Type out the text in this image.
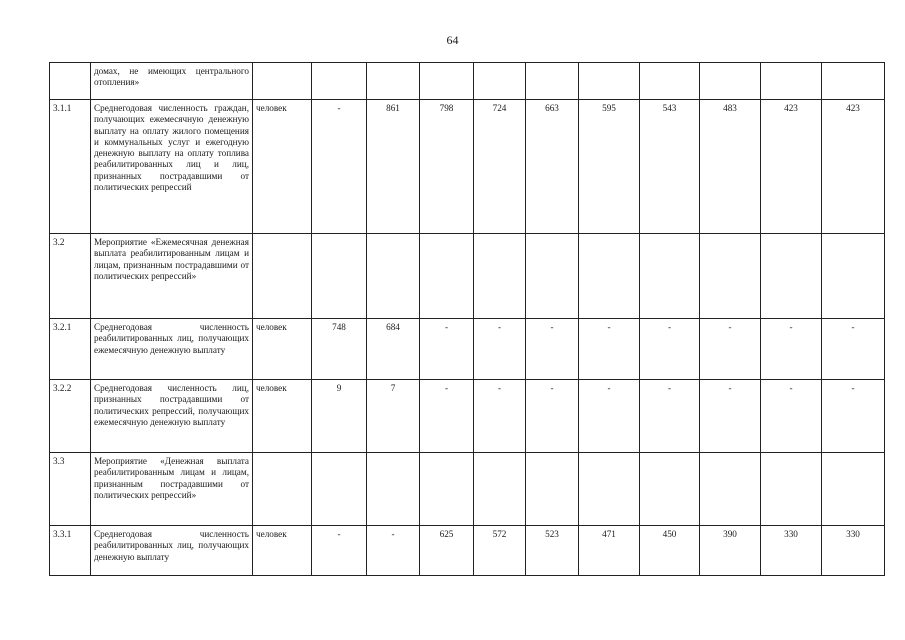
64
	домах, не имеющих центрального отопления»											
3.1.1	Среднегодовая численность граждан, получающих ежемесячную денежную выплату на оплату жилого помещения и коммунальных услуг и ежегодную денежную выплату на оплату топлива реабилитированных лиц и лиц, признанных пострадавшими от политических репрессий	человек	-	861	798	724	663	595	543	483	423	423
3.2	Мероприятие «Ежемесячная денежная выплата реабилитированным лицам и лицам, признанным пострадавшими от политических репрессий»											
3.2.1	Среднегодовая численность реабилитированных лиц, получающих ежемесячную денежную выплату	человек	748	684	-	-	-	-	-	-	-	-
3.2.2	Среднегодовая численность лиц, признанных пострадавшими от политических репрессий, получающих ежемесячную денежную выплату	человек	9	7	-	-	-	-	-	-	-	-
3.3	Мероприятие «Денежная выплата реабилитированным лицам и лицам, признанным пострадавшими от политических репрессий»											
3.3.1	Среднегодовая численность реабилитированных лиц, получающих денежную выплату	человек	-	-	625	572	523	471	450	390	330	330
